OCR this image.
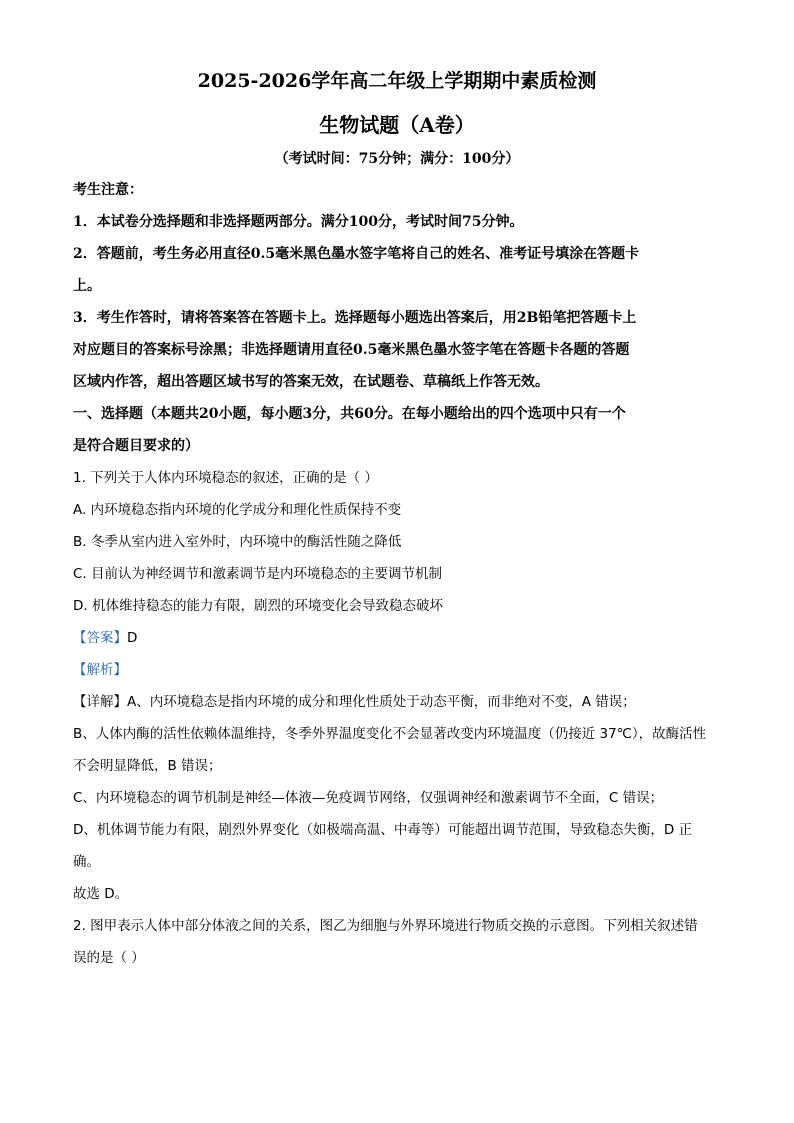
2025-2026学年高二年级上学期期中素质检测
生物试题（A卷）

（考试时间：75分钟；满分：100分）

考生注意：

1．本试卷分选择题和非选择题两部分。满分100分，考试时间75分钟。

2．答题前，考生务必用直径0.5毫米黑色墨水签字笔将自己的姓名、准考证号填涂在答题卡

上。

3．考生作答时，请将答案答在答题卡上。选择题每小题选出答案后，用2B铅笔把答题卡上

对应题目的答案标号涂黑；非选择题请用直径0.5毫米黑色墨水签字笔在答题卡各题的答题

区域内作答，超出答题区域书写的答案无效，在试题卷、草稿纸上作答无效。

一、选择题（本题共20小题，每小题3分，共60分。在每小题给出的四个选项中只有一个

是符合题目要求的）

1. 下列关于人体内环境稳态的叙述，正确的是（ ）

A. 内环境稳态指内环境的化学成分和理化性质保持不变

B. 冬季从室内进入室外时，内环境中的酶活性随之降低

C. 目前认为神经调节和激素调节是内环境稳态的主要调节机制

D. 机体维持稳态的能力有限，剧烈的环境变化会导致稳态破坏

【答案】D

【解析】

【详解】A、内环境稳态是指内环境的成分和理化性质处于动态平衡，而非绝对不变，A 错误；

B、人体内酶的活性依赖体温维持，冬季外界温度变化不会显著改变内环境温度（仍接近 37℃），故酶活性

不会明显降低，B 错误；

C、内环境稳态的调节机制是神经—体液—免疫调节网络，仅强调神经和激素调节不全面，C 错误；

D、机体调节能力有限，剧烈外界变化（如极端高温、中毒等）可能超出调节范围，导致稳态失衡，D 正

确。

故选 D。

2. 图甲表示人体中部分体液之间的关系，图乙为细胞与外界环境进行物质交换的示意图。下列相关叙述错

误的是（ ）
